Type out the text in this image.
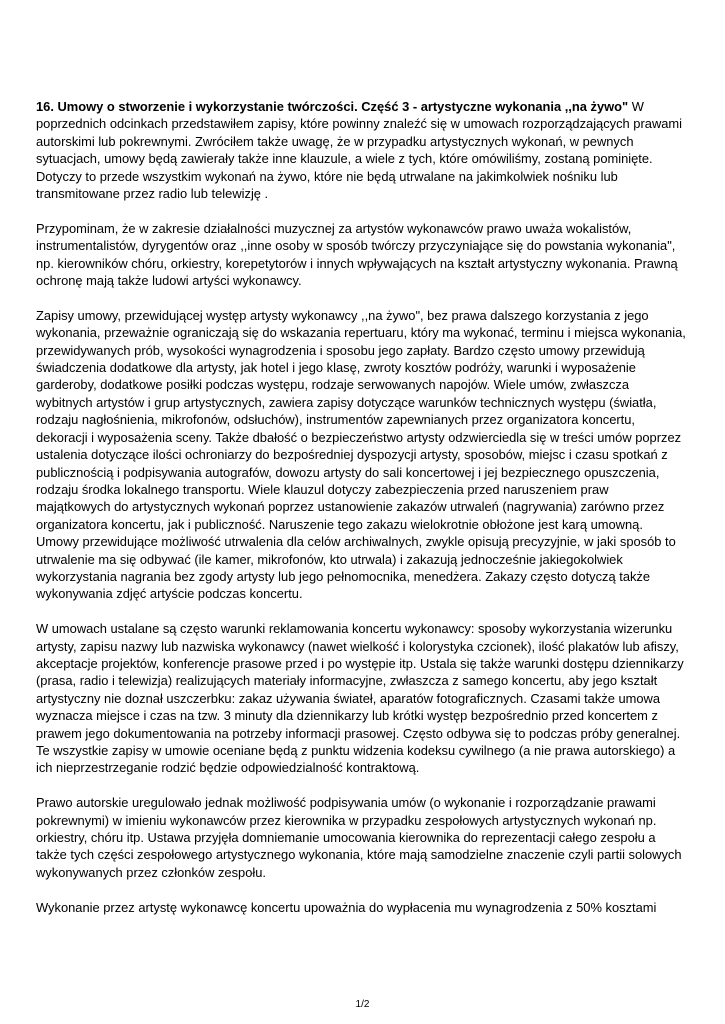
16. Umowy o stworzenie i wykorzystanie twórczości. Część 3 - artystyczne wykonania ,,na żywo" W poprzednich odcinkach przedstawiłem zapisy, które powinny znaleźć się w umowach rozporządzających prawami autorskimi lub pokrewnymi. Zwróciłem także uwagę, że w przypadku artystycznych wykonań, w pewnych sytuacjach, umowy będą zawierały także inne klauzule, a wiele z tych, które omówiliśmy, zostaną pominięte. Dotyczy to przede wszystkim wykonań na żywo, które nie będą utrwalane na jakimkolwiek nośniku lub transmitowane przez radio lub telewizję .

Przypominam, że w zakresie działalności muzycznej za artystów wykonawców prawo uważa wokalistów, instrumentalistów, dyrygentów oraz ,,inne osoby w sposób twórczy przyczyniające się do powstania wykonania", np. kierowników chóru, orkiestry, korepetytorów i innych wpływających na kształt artystyczny wykonania. Prawną ochronę mają także ludowi artyści wykonawcy.

Zapisy umowy, przewidującej występ artysty wykonawcy ,,na żywo", bez prawa dalszego korzystania z jego wykonania, przeważnie ograniczają się do wskazania repertuaru, który ma wykonać, terminu i miejsca wykonania, przewidywanych prób, wysokości wynagrodzenia i sposobu jego zapłaty. Bardzo często umowy przewidują świadczenia dodatkowe dla artysty, jak hotel i jego klasę, zwroty kosztów podróży, warunki i wyposażenie garderoby, dodatkowe posiłki podczas występu, rodzaje serwowanych napojów. Wiele umów, zwłaszcza wybitnych artystów i grup artystycznych, zawiera zapisy dotyczące warunków technicznych występu (światła, rodzaju nagłośnienia, mikrofonów, odsłuchów), instrumentów zapewnianych przez organizatora koncertu, dekoracji i wyposażenia sceny. Także dbałość o bezpieczeństwo artysty odzwierciedla się w treści umów poprzez ustalenia dotyczące ilości ochroniarzy do bezpośredniej dyspozycji artysty, sposobów, miejsc i czasu spotkań z publicznością i podpisywania autografów, dowozu artysty do sali koncertowej i jej bezpiecznego opuszczenia, rodzaju środka lokalnego transportu. Wiele klauzul dotyczy zabezpieczenia przed naruszeniem praw majątkowych do artystycznych wykonań poprzez ustanowienie zakazów utrwaleń (nagrywania) zarówno przez organizatora koncertu, jak i publiczność. Naruszenie tego zakazu wielokrotnie obłożone jest karą umowną. Umowy przewidujące możliwość utrwalenia dla celów archiwalnych, zwykle opisują precyzyjnie, w jaki sposób to utrwalenie ma się odbywać (ile kamer, mikrofonów, kto utrwala) i zakazują jednocześnie jakiegokolwiek wykorzystania nagrania bez zgody artysty lub jego pełnomocnika, menedżera. Zakazy często dotyczą także wykonywania zdjęć artyście podczas koncertu.

W umowach ustalane są często warunki reklamowania koncertu wykonawcy: sposoby wykorzystania wizerunku artysty, zapisu nazwy lub nazwiska wykonawcy (nawet wielkość i kolorystyka czcionek), ilość plakatów lub afiszy, akceptacje projektów, konferencje prasowe przed i po występie itp. Ustala się także warunki dostępu dziennikarzy (prasa, radio i telewizja) realizujących materiały informacyjne, zwłaszcza z samego koncertu, aby jego kształt artystyczny nie doznał uszczerbku: zakaz używania świateł, aparatów fotograficznych. Czasami także umowa wyznacza miejsce i czas na tzw. 3 minuty dla dziennikarzy lub krótki występ bezpośrednio przed koncertem z prawem jego dokumentowania na potrzeby informacji prasowej. Często odbywa się to podczas próby generalnej. Te wszystkie zapisy w umowie oceniane będą z punktu widzenia kodeksu cywilnego (a nie prawa autorskiego) a ich nieprzestrzeganie rodzić będzie odpowiedzialność kontraktową.

Prawo autorskie uregulowało jednak możliwość podpisywania umów (o wykonanie i rozporządzanie prawami pokrewnymi) w imieniu wykonawców przez kierownika w przypadku zespołowych artystycznych wykonań np. orkiestry, chóru itp. Ustawa przyjęła domniemanie umocowania kierownika do reprezentacji całego zespołu a także tych części zespołowego artystycznego wykonania, które mają samodzielne znaczenie czyli partii solowych wykonywanych przez członków zespołu.

Wykonanie przez artystę wykonawcę koncertu upoważnia do wypłacenia mu wynagrodzenia z 50% kosztami

1/2
